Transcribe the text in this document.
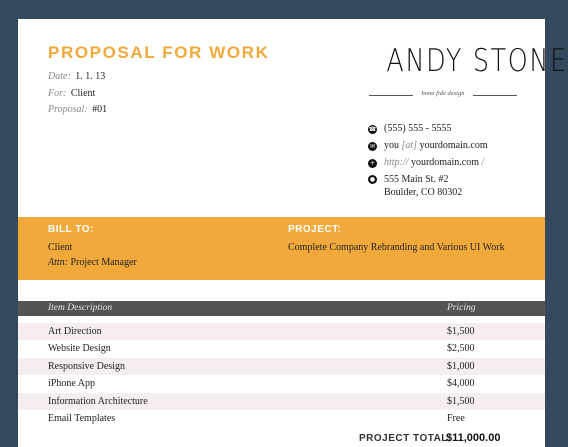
PROPOSAL FOR WORK
Date: 1. 1. 13
For: Client
Proposal: #01
ANDY STONE
bona fide design
☎ (555) 555 - 5555
✉ you [at] yourdomain.com
+ http:// yourdomain.com /
● 555 Main St. #2
Boulder, CO 80302
BILL TO:
Client
Attn: Project Manager
PROJECT:
Complete Company Rebranding and Various UI Work
Item Description	Pricing
Art Direction	$1,500
Website Design	$2,500
Responsive Design	$1,000
iPhone App	$4,000
Information Architecture	$1,500
Email Templates	Free
PROJECT TOTAL:
$11,000.00
